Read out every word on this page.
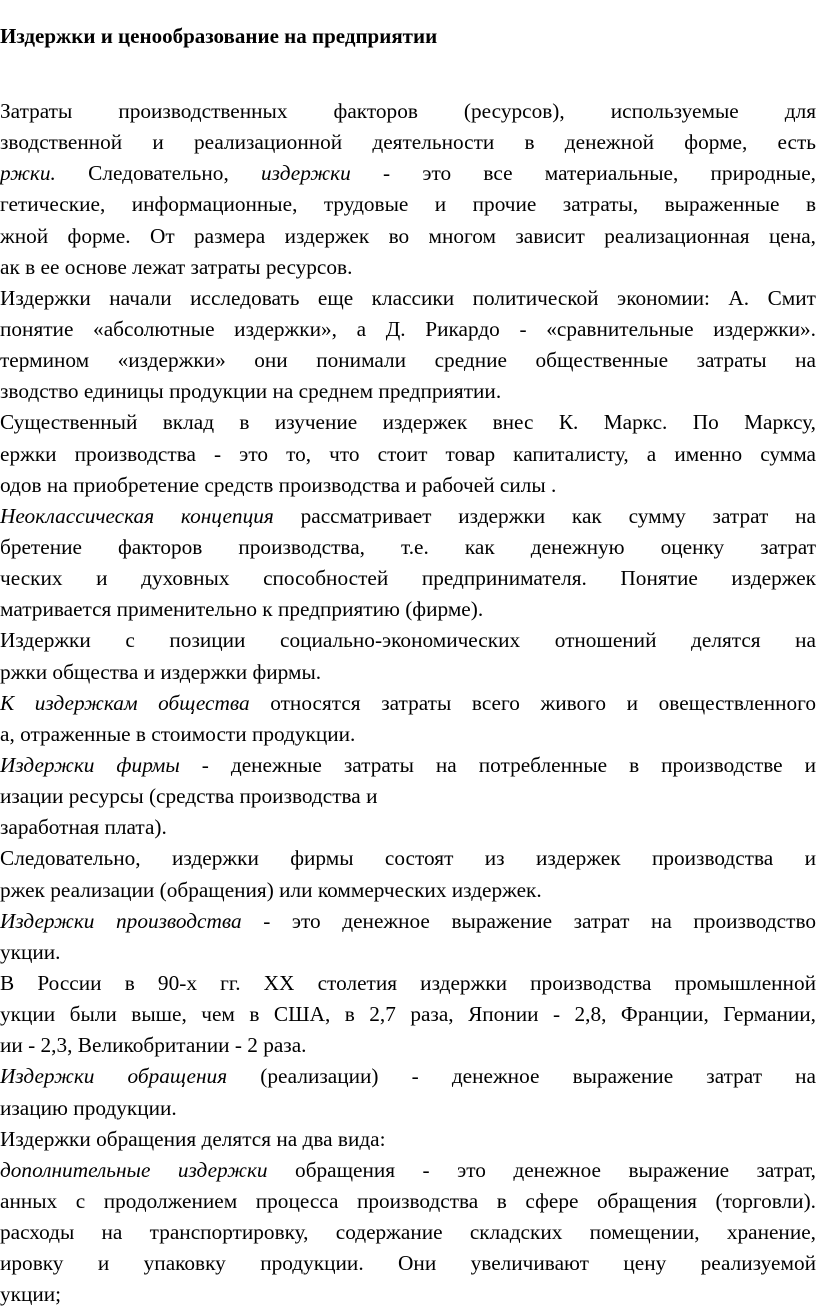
Издержки и ценообразование на предприятии
Затраты производственных факторов (ресурсов), используемые для
зводственной и реализационной деятельности в денежной форме, есть
ржки. Следовательно, издержки - это все материальные, природные,
гетические, информационные, трудовые и прочие затраты, выраженные в
жной форме. От размера издержек во многом зависит реализационная цена,
ак в ее основе лежат затраты ресурсов.
Издержки начали исследовать еще классики политической экономии: А. Смит
понятие «абсолютные издержки», а Д. Рикардо - «сравнительные издержки».
термином «издержки» они понимали средние общественные затраты на
зводство единицы продукции на среднем предприятии.
Существенный вклад в изучение издержек внес К. Маркс. По Марксу,
ержки производства - это то, что стоит товар капиталисту, а именно сумма
одов на приобретение средств производства и рабочей силы .
Неоклассическая концепция рассматривает издержки как сумму затрат на
бретение факторов производства, т.е. как денежную оценку затрат
ческих и духовных способностей предпринимателя. Понятие издержек
матривается применительно к предприятию (фирме).
Издержки с позиции социально-экономических отношений делятся на
ржки общества и издержки фирмы.
К издержкам общества относятся затраты всего живого и овеществленного
а, отраженные в стоимости продукции.
Издержки фирмы - денежные затраты на потребленные в производстве и
изации ресурсы (средства производства и
заработная плата).
Следовательно, издержки фирмы состоят из издержек производства и
ржек реализации (обращения) или коммерческих издержек.
Издержки производства - это денежное выражение затрат на производство
укции.
В России в 90-х гг. XX столетия издержки производства промышленной
укции были выше, чем в США, в 2,7 раза, Японии - 2,8, Франции, Германии,
ии - 2,3, Великобритании - 2 раза.
Издержки обращения (реализации) - денежное выражение затрат на
изацию продукции.
Издержки обращения делятся на два вида:
дополнительные издержки обращения - это денежное выражение затрат,
анных с продолжением процесса производства в сфере обращения (торговли).
расходы на транспортировку, содержание складских помещении, хранение,
ировку и упаковку продукции. Они увеличивают цену реализуемой
укции;
